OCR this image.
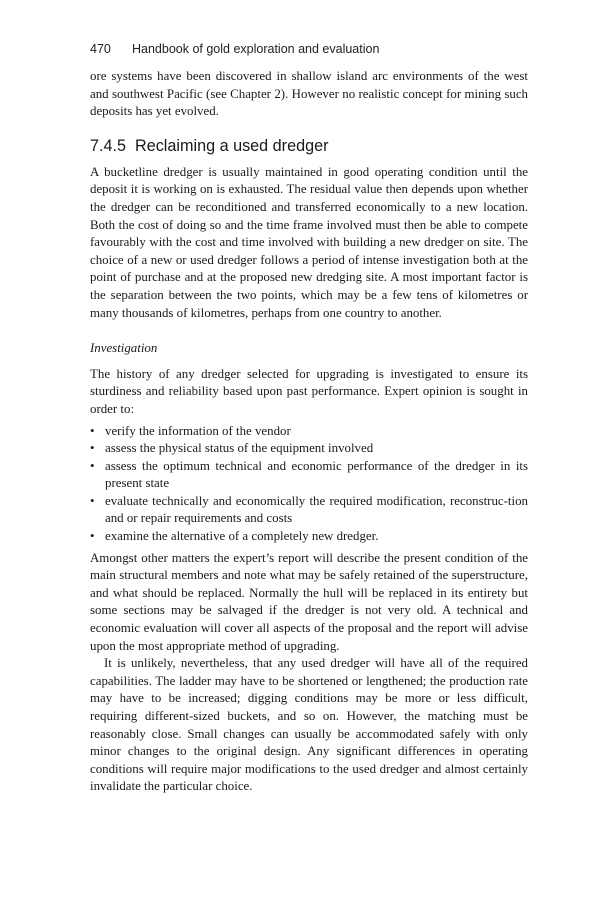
470 Handbook of gold exploration and evaluation

ore systems have been discovered in shallow island arc environments of the west and southwest Pacific (see Chapter 2). However no realistic concept for mining such deposits has yet evolved.

7.4.5 Reclaiming a used dredger

A bucketline dredger is usually maintained in good operating condition until the deposit it is working on is exhausted. The residual value then depends upon whether the dredger can be reconditioned and transferred economically to a new location. Both the cost of doing so and the time frame involved must then be able to compete favourably with the cost and time involved with building a new dredger on site. The choice of a new or used dredger follows a period of intense investigation both at the point of purchase and at the proposed new dredging site. A most important factor is the separation between the two points, which may be a few tens of kilometres or many thousands of kilometres, perhaps from one country to another.

Investigation

The history of any dredger selected for upgrading is investigated to ensure its sturdiness and reliability based upon past performance. Expert opinion is sought in order to:

• verify the information of the vendor
• assess the physical status of the equipment involved
• assess the optimum technical and economic performance of the dredger in its present state
• evaluate technically and economically the required modification, reconstruc-tion and or repair requirements and costs
• examine the alternative of a completely new dredger.

Amongst other matters the expert’s report will describe the present condition of the main structural members and note what may be safely retained of the superstructure, and what should be replaced. Normally the hull will be replaced in its entirety but some sections may be salvaged if the dredger is not very old. A technical and economic evaluation will cover all aspects of the proposal and the report will advise upon the most appropriate method of upgrading.

It is unlikely, nevertheless, that any used dredger will have all of the required capabilities. The ladder may have to be shortened or lengthened; the production rate may have to be increased; digging conditions may be more or less difficult, requiring different-sized buckets, and so on. However, the matching must be reasonably close. Small changes can usually be accommodated safely with only minor changes to the original design. Any significant differences in operating conditions will require major modifications to the used dredger and almost certainly invalidate the particular choice.
